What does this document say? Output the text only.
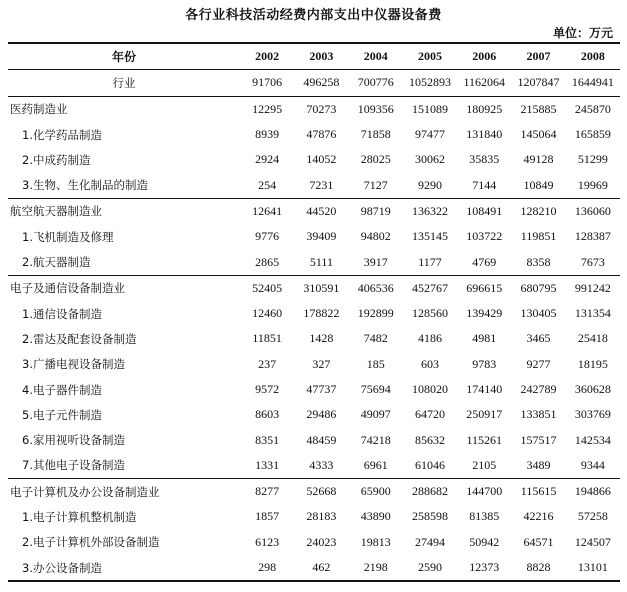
各行业科技活动经费内部支出中仪器设备费
单位：万元
年份	2002	2003	2004	2005	2006	2007	2008
行业	91706	496258	700776	1052893	1162064	1207847	1644941
医药制造业	12295	70273	109356	151089	180925	215885	245870
1.化学药品制造	8939	47876	71858	97477	131840	145064	165859
2.中成药制造	2924	14052	28025	30062	35835	49128	51299
3.生物、生化制品的制造	254	7231	7127	9290	7144	10849	19969
航空航天器制造业	12641	44520	98719	136322	108491	128210	136060
1.飞机制造及修理	9776	39409	94802	135145	103722	119851	128387
2.航天器制造	2865	5111	3917	1177	4769	8358	7673
电子及通信设备制造业	52405	310591	406536	452767	696615	680795	991242
1.通信设备制造	12460	178822	192899	128560	139429	130405	131354
2.雷达及配套设备制造	11851	1428	7482	4186	4981	3465	25418
3.广播电视设备制造	237	327	185	603	9783	9277	18195
4.电子器件制造	9572	47737	75694	108020	174140	242789	360628
5.电子元件制造	8603	29486	49097	64720	250917	133851	303769
6.家用视听设备制造	8351	48459	74218	85632	115261	157517	142534
7.其他电子设备制造	1331	4333	6961	61046	2105	3489	9344
电子计算机及办公设备制造业	8277	52668	65900	288682	144700	115615	194866
1.电子计算机整机制造	1857	28183	43890	258598	81385	42216	57258
2.电子计算机外部设备制造	6123	24023	19813	27494	50942	64571	124507
3.办公设备制造	298	462	2198	2590	12373	8828	13101
